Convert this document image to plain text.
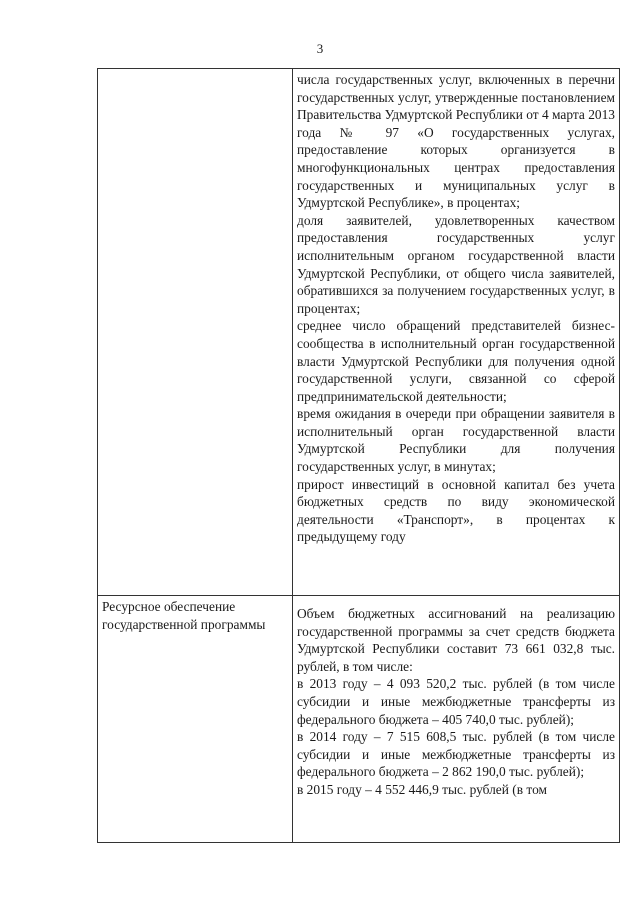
3

	числа государственных услуг, включенных в перечни государственных услуг, утвержденные постановлением Правительства Удмуртской Республики от 4 марта 2013 года № 97 «О государственных услугах, предоставление которых организуется в многофункциональных центрах предоставления государственных и муниципальных услуг в Удмуртской Республике», в процентах;

доля заявителей, удовлетворенных качеством предоставления государственных услуг исполнительным органом государственной власти Удмуртской Республики, от общего числа заявителей, обратившихся за получением государственных услуг, в процентах;

среднее число обращений представителей бизнес-сообщества в исполнительный орган государственной власти Удмуртской Республики для получения одной государственной услуги, связанной со сферой предпринимательской деятельности;

время ожидания в очереди при обращении заявителя в исполнительный орган государственной власти Удмуртской Республики для получения государственных услуг, в минутах;

прирост инвестиций в основной капитал без учета бюджетных средств по виду экономической деятельности «Транспорт», в процентах к предыдущему году

Ресурсное обеспечение государственной программы	Объем бюджетных ассигнований на реализацию государственной программы за счет средств бюджета Удмуртской Республики составит 73 661 032,8 тыс. рублей, в том числе:

в 2013 году – 4 093 520,2 тыс. рублей (в том числе субсидии и иные межбюджетные трансферты из федерального бюджета – 405 740,0 тыс. рублей);

в 2014 году – 7 515 608,5 тыс. рублей (в том числе субсидии и иные межбюджетные трансферты из федерального бюджета – 2 862 190,0 тыс. рублей);

в 2015 году – 4 552 446,9 тыс. рублей (в том
